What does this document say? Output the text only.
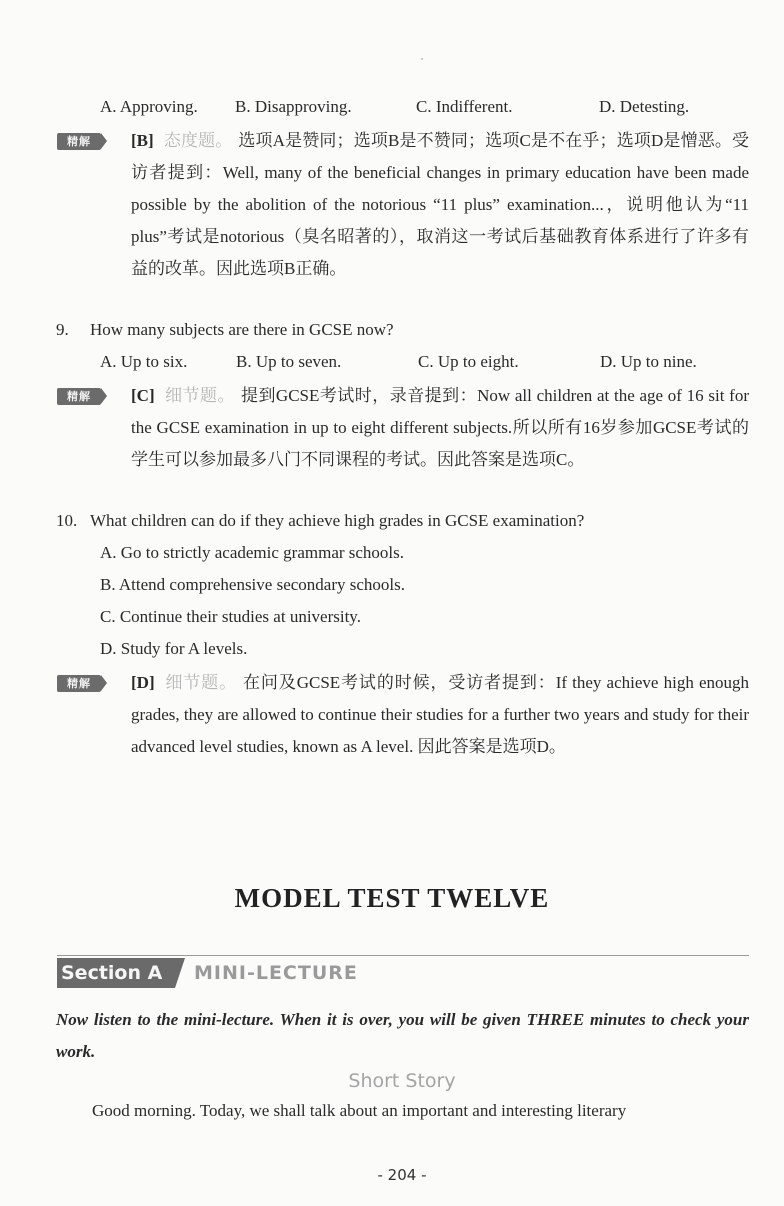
A. Approving. B. Disapproving.	C. Indifferent.	D. Detesting.
精解	[B] 态度题。 选项A是赞同；选项B是不赞同；选项C是不在乎；选项D是憎恶。受访者提到：Well, many of the beneficial changes in primary education have been made possible by the abolition of the notorious “11 plus” examination...，说明他认为“11 plus”考试是notorious（臭名昭著的），取消这一考试后基础教育体系进行了许多有益的改革。因此选项B正确。
9. How many subjects are there in GCSE now?
A. Up to six.	B. Up to seven.	C. Up to eight.	D. Up to nine.
精解	[C] 细节题。 提到GCSE考试时，录音提到：Now all children at the age of 16 sit for the GCSE examination in up to eight different subjects.所以所有16岁参加GCSE考试的学生可以参加最多八门不同课程的考试。因此答案是选项C。
10. What children can do if they achieve high grades in GCSE examination?
A. Go to strictly academic grammar schools.
B. Attend comprehensive secondary schools.
C. Continue their studies at university.
D. Study for A levels.
精解	[D] 细节题。 在问及GCSE考试的时候，受访者提到：If they achieve high enough grades, they are allowed to continue their studies for a further two years and study for their advanced level studies, known as A level. 因此答案是选项D。
MODEL TEST TWELVE
Section A	MINI-LECTURE
Now listen to the mini-lecture. When it is over, you will be given THREE minutes to check your work.
Short Story
Good morning. Today, we shall talk about an important and interesting literary
- 204 -
